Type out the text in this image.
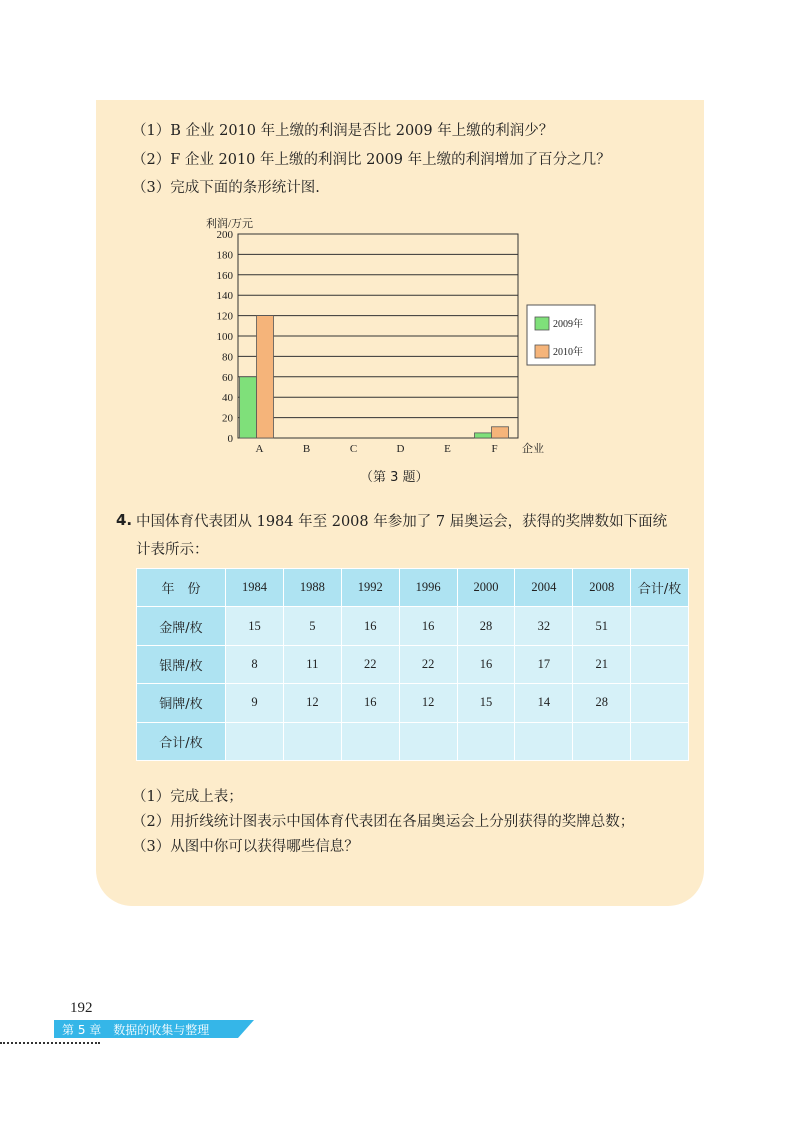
（1）B 企业 2010 年上缴的利润是否比 2009 年上缴的利润少？
（2）F 企业 2010 年上缴的利润比 2009 年上缴的利润增加了百分之几？
（3）完成下面的条形统计图.
0
20
40
60
80
100
120
140
160
180
200
利润/万元
A	B	C	D	E	F 企业
2009年
2010年
（第 3 题）
4. 中国体育代表团从 1984 年至 2008 年参加了 7 届奥运会，获得的奖牌数如下面统
计表所示：
年　份	1984	1988	1992	1996	2000	2004	2008	合计/枚
金牌/枚	15	5	16	16	28	32	51	
银牌/枚	8	11	22	22	16	17	21	
铜牌/枚	9	12	16	12	15	14	28	
合计/枚								
（1）完成上表；
（2）用折线统计图表示中国体育代表团在各届奥运会上分别获得的奖牌总数；
（3）从图中你可以获得哪些信息？
192
第 5 章　数据的收集与整理
